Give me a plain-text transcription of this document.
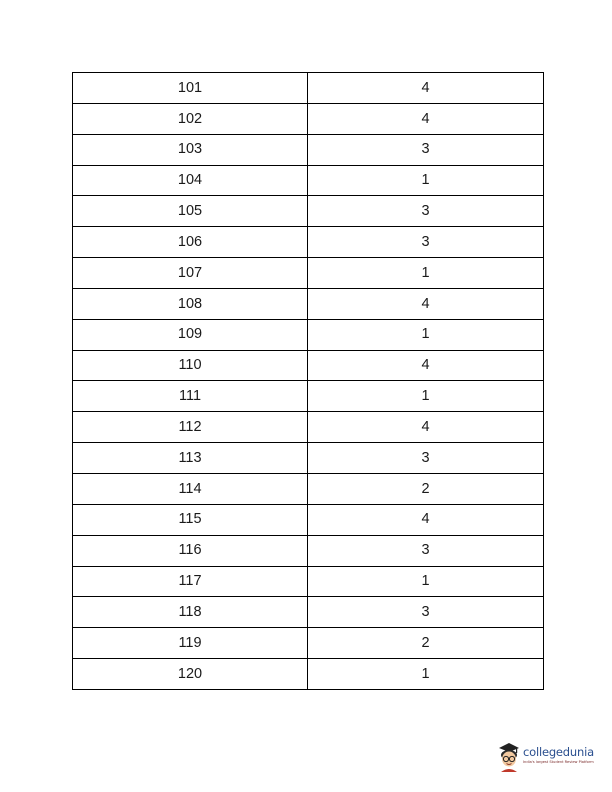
101	4
102	4
103	3
104	1
105	3
106	3
107	1
108	4
109	1
110	4
111	1
112	4
113	3
114	2
115	4
116	3
117	1
118	3
119	2
120	1
collegedunia
India's largest Student Review Platform
